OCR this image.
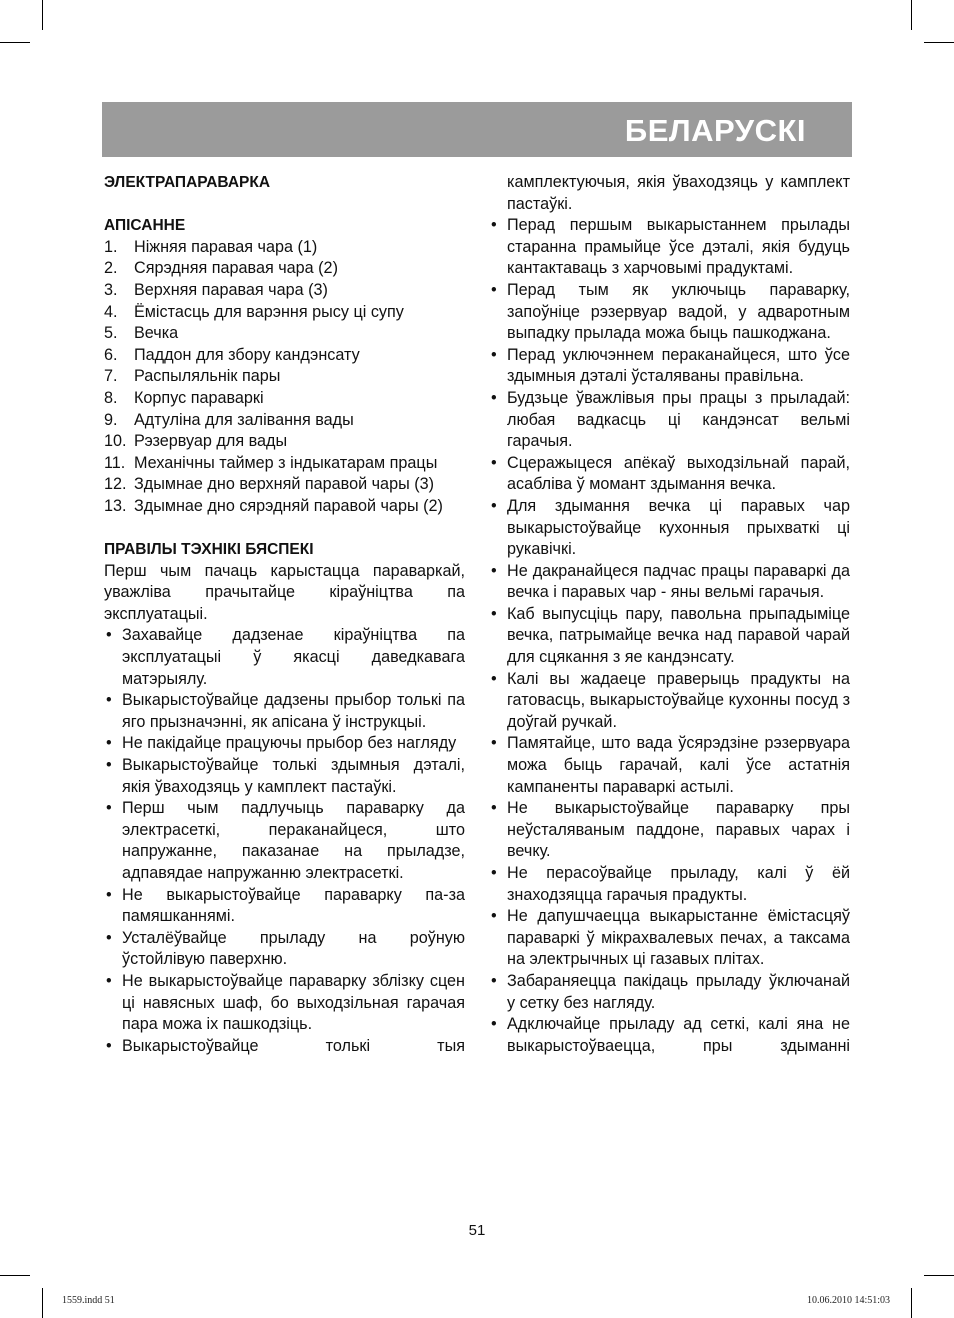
БЕЛАРУСКІ

ЭЛЕКТРАПАРАВАРКА

АПІСАННЕ

1.	Ніжняя паравая чара (1)
2.	Сярэдняя паравая чара (2)
3.	Верхняя паравая чара (3)
4.	Ёмістасць для варэння рысу ці супу
5.	Вечка
6.	Паддон для збору кандэнсату
7.	Распыляльнік пары
8.	Корпус параваркі
9.	Адтуліна для залівання вады
10. Рэзервуар для вады
11. Механічны таймер з індыкатарам працы
12. Здымнае дно верхняй паравой чары (3)
13. Здымнае дно сярэдняй паравой чары (2)

ПРАВІЛЫ ТЭХНІКІ БЯСПЕКІ

Перш чым пачаць карыстацца параваркай, уважліва прачытайце кіраўніцтва па эксплуатацыі.
• Захавайце дадзенае кіраўніцтва па эксплуатацыі ў якасці даведкавага матэрыялу.
• Выкарыстоўвайце дадзены прыбор толькі па яго прызначэнні, як апісана ў інструкцыі.
• Не пакідайце працуючы прыбор без нагляду
• Выкарыстоўвайце толькі здымныя дэталі, якія ўваходзяць у камплект пастаўкі.
• Перш чым падлучыць параварку да электрасеткі, пераканайцеся, што напружанне, паказанае на прыладзе, адпавядае напружанню электрасеткі.
• Не выкарыстоўвайце параварку па-за памяшканнямі.
• Усталёўвайце прыладу на роўную ўстойлівую паверхню.
• Не выкарыстоўвайце параварку зблізку сцен ці навясных шаф, бо выходзільная гарачая пара можа іх пашкодзіць.
• Выкарыстоўвайце толькі тыя
камплектуючыя, якія ўваходзяць у камплект пастаўкі.
• Перад першым выкарыстаннем прылады старанна прамыйце ўсе дэталі, якія будуць кантактаваць з харчовымі прадуктамі.
• Перад тым як уключыць параварку, запоўніце рэзервуар вадой, у адваротным выпадку прылада можа быць пашкоджана.
• Перад уключэннем пераканайцеся, што ўсе здымныя дэталі ўсталяваны правільна.
• Будзьце ўважлівыя пры працы з прыладай: любая вадкасць ці кандэнсат вельмі гарачыя.
• Сцеражыцеся апёкаў выходзільнай парай, асабліва ў момант здымання вечка.
• Для здымання вечка ці паравых чар выкарыстоўвайце кухонныя прыхваткі ці рукавічкі.
• Не дакранайцеся падчас працы параваркі да вечка і паравых чар - яны вельмі гарачыя.
• Каб выпусціць пару, павольна прыпадыміце вечка, патрымайце вечка над паравой чарай для сцякання з яе кандэнсату.
• Калі вы жадаеце праверыць прадукты на гатовасць, выкарыстоўвайце кухонны посуд з доўгай ручкай.
• Памятайце, што вада ўсярэдзіне рэзервуара можа быць гарачай, калі ўсе астатнія кампаненты параваркі астылі.
• Не выкарыстоўвайце параварку пры неўсталяваным паддоне, паравых чарах і вечку.
• Не перасоўвайце прыладу, калі ў ёй знаходзяцца гарачыя прадукты.
• Не дапушчаецца выкарыстанне ёмістасцяў параваркі ў мікрахвалевых печах, а таксама на электрычных ці газавых плітах.
• Забараняецца пакідаць прыладу ўключанай у сетку без нагляду.
• Адключайце прыладу ад сеткі, калі яна не выкарыстоўваецца, пры здыманні
51
1559.indd 51	10.06.2010 14:51:03
